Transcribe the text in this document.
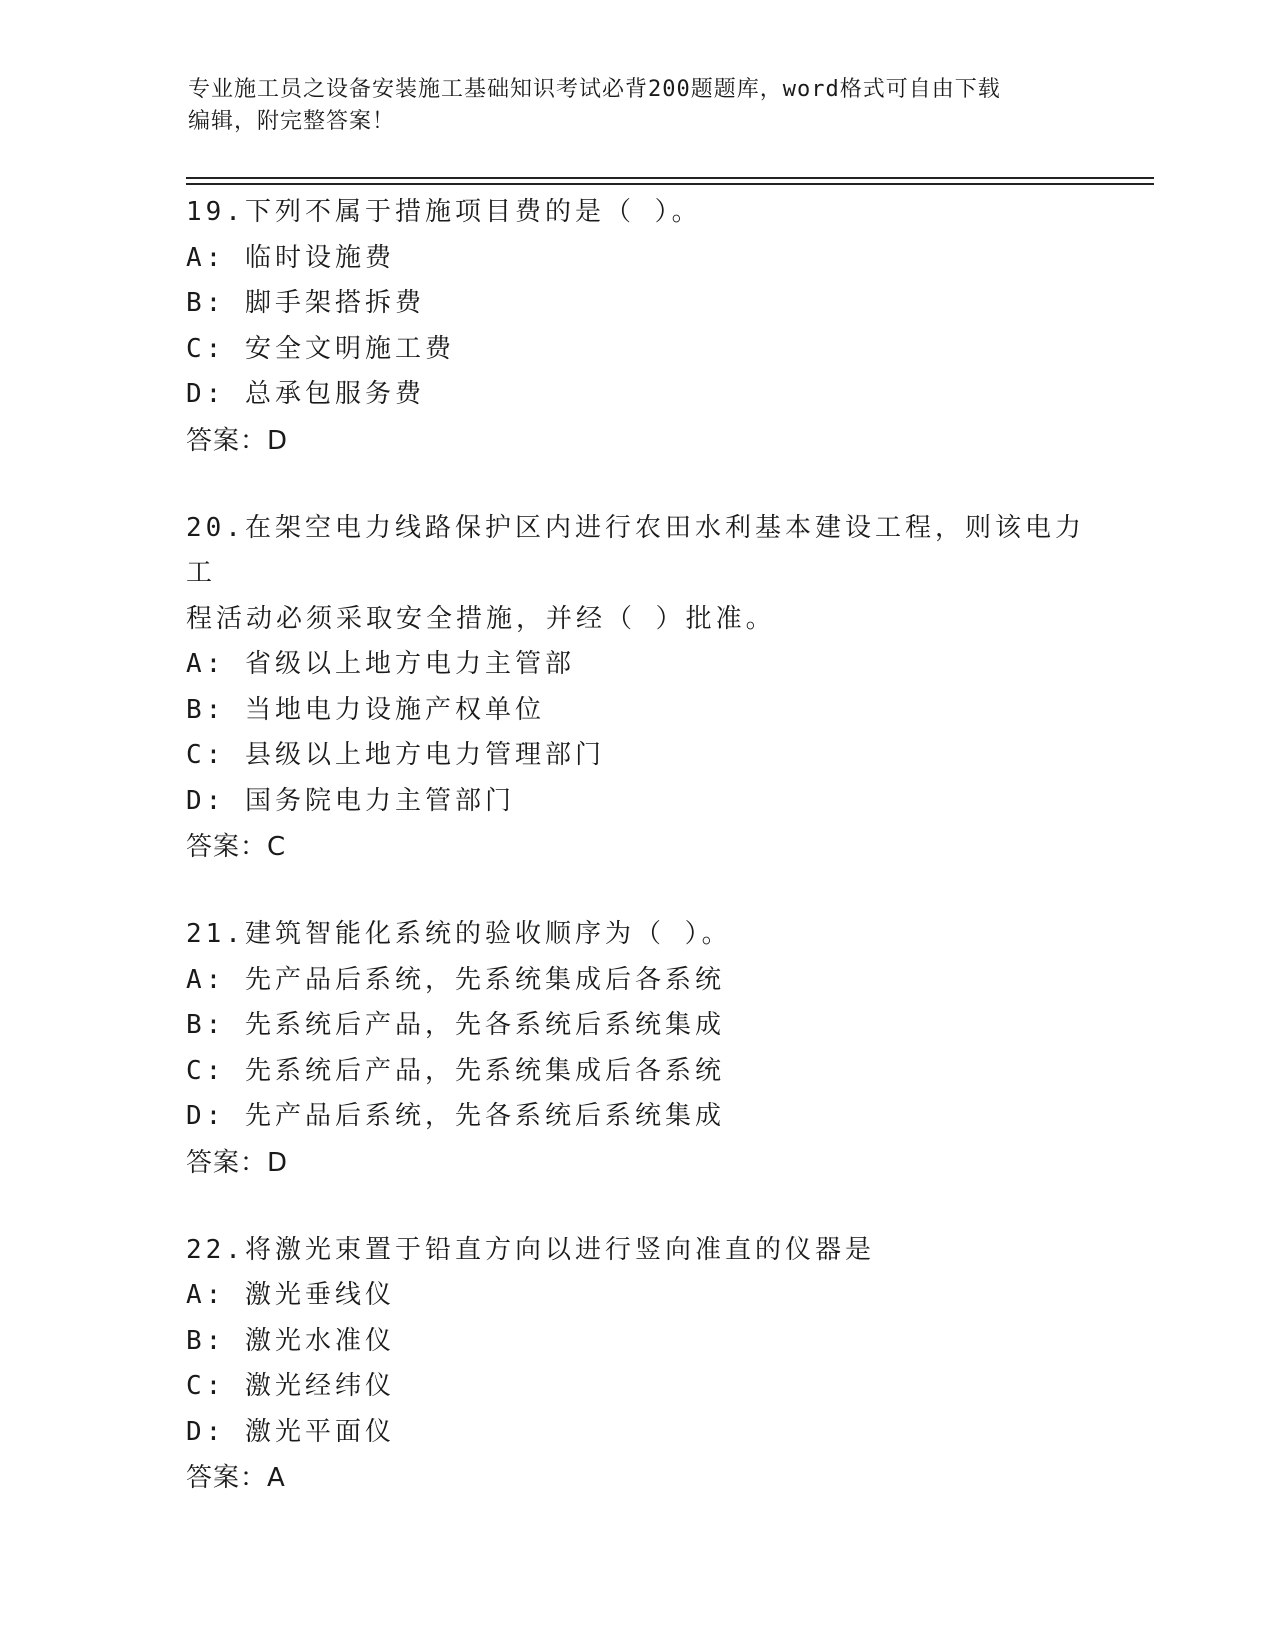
专业施工员之设备安装施工基础知识考试必背200题题库，word格式可自由下载
编辑，附完整答案！
19.下列不属于措施项目费的是（ ）。
A: 临时设施费
B: 脚手架搭拆费
C: 安全文明施工费
D: 总承包服务费
答案：D
20.在架空电力线路保护区内进行农田水利基本建设工程，则该电力工
程活动必须采取安全措施，并经（ ）批准。
A: 省级以上地方电力主管部
B: 当地电力设施产权单位
C: 县级以上地方电力管理部门
D: 国务院电力主管部门
答案：C
21.建筑智能化系统的验收顺序为（ ）。
A: 先产品后系统，先系统集成后各系统
B: 先系统后产品，先各系统后系统集成
C: 先系统后产品，先系统集成后各系统
D: 先产品后系统，先各系统后系统集成
答案：D
22.将激光束置于铅直方向以进行竖向准直的仪器是
A: 激光垂线仪
B: 激光水准仪
C: 激光经纬仪
D: 激光平面仪
答案：A
